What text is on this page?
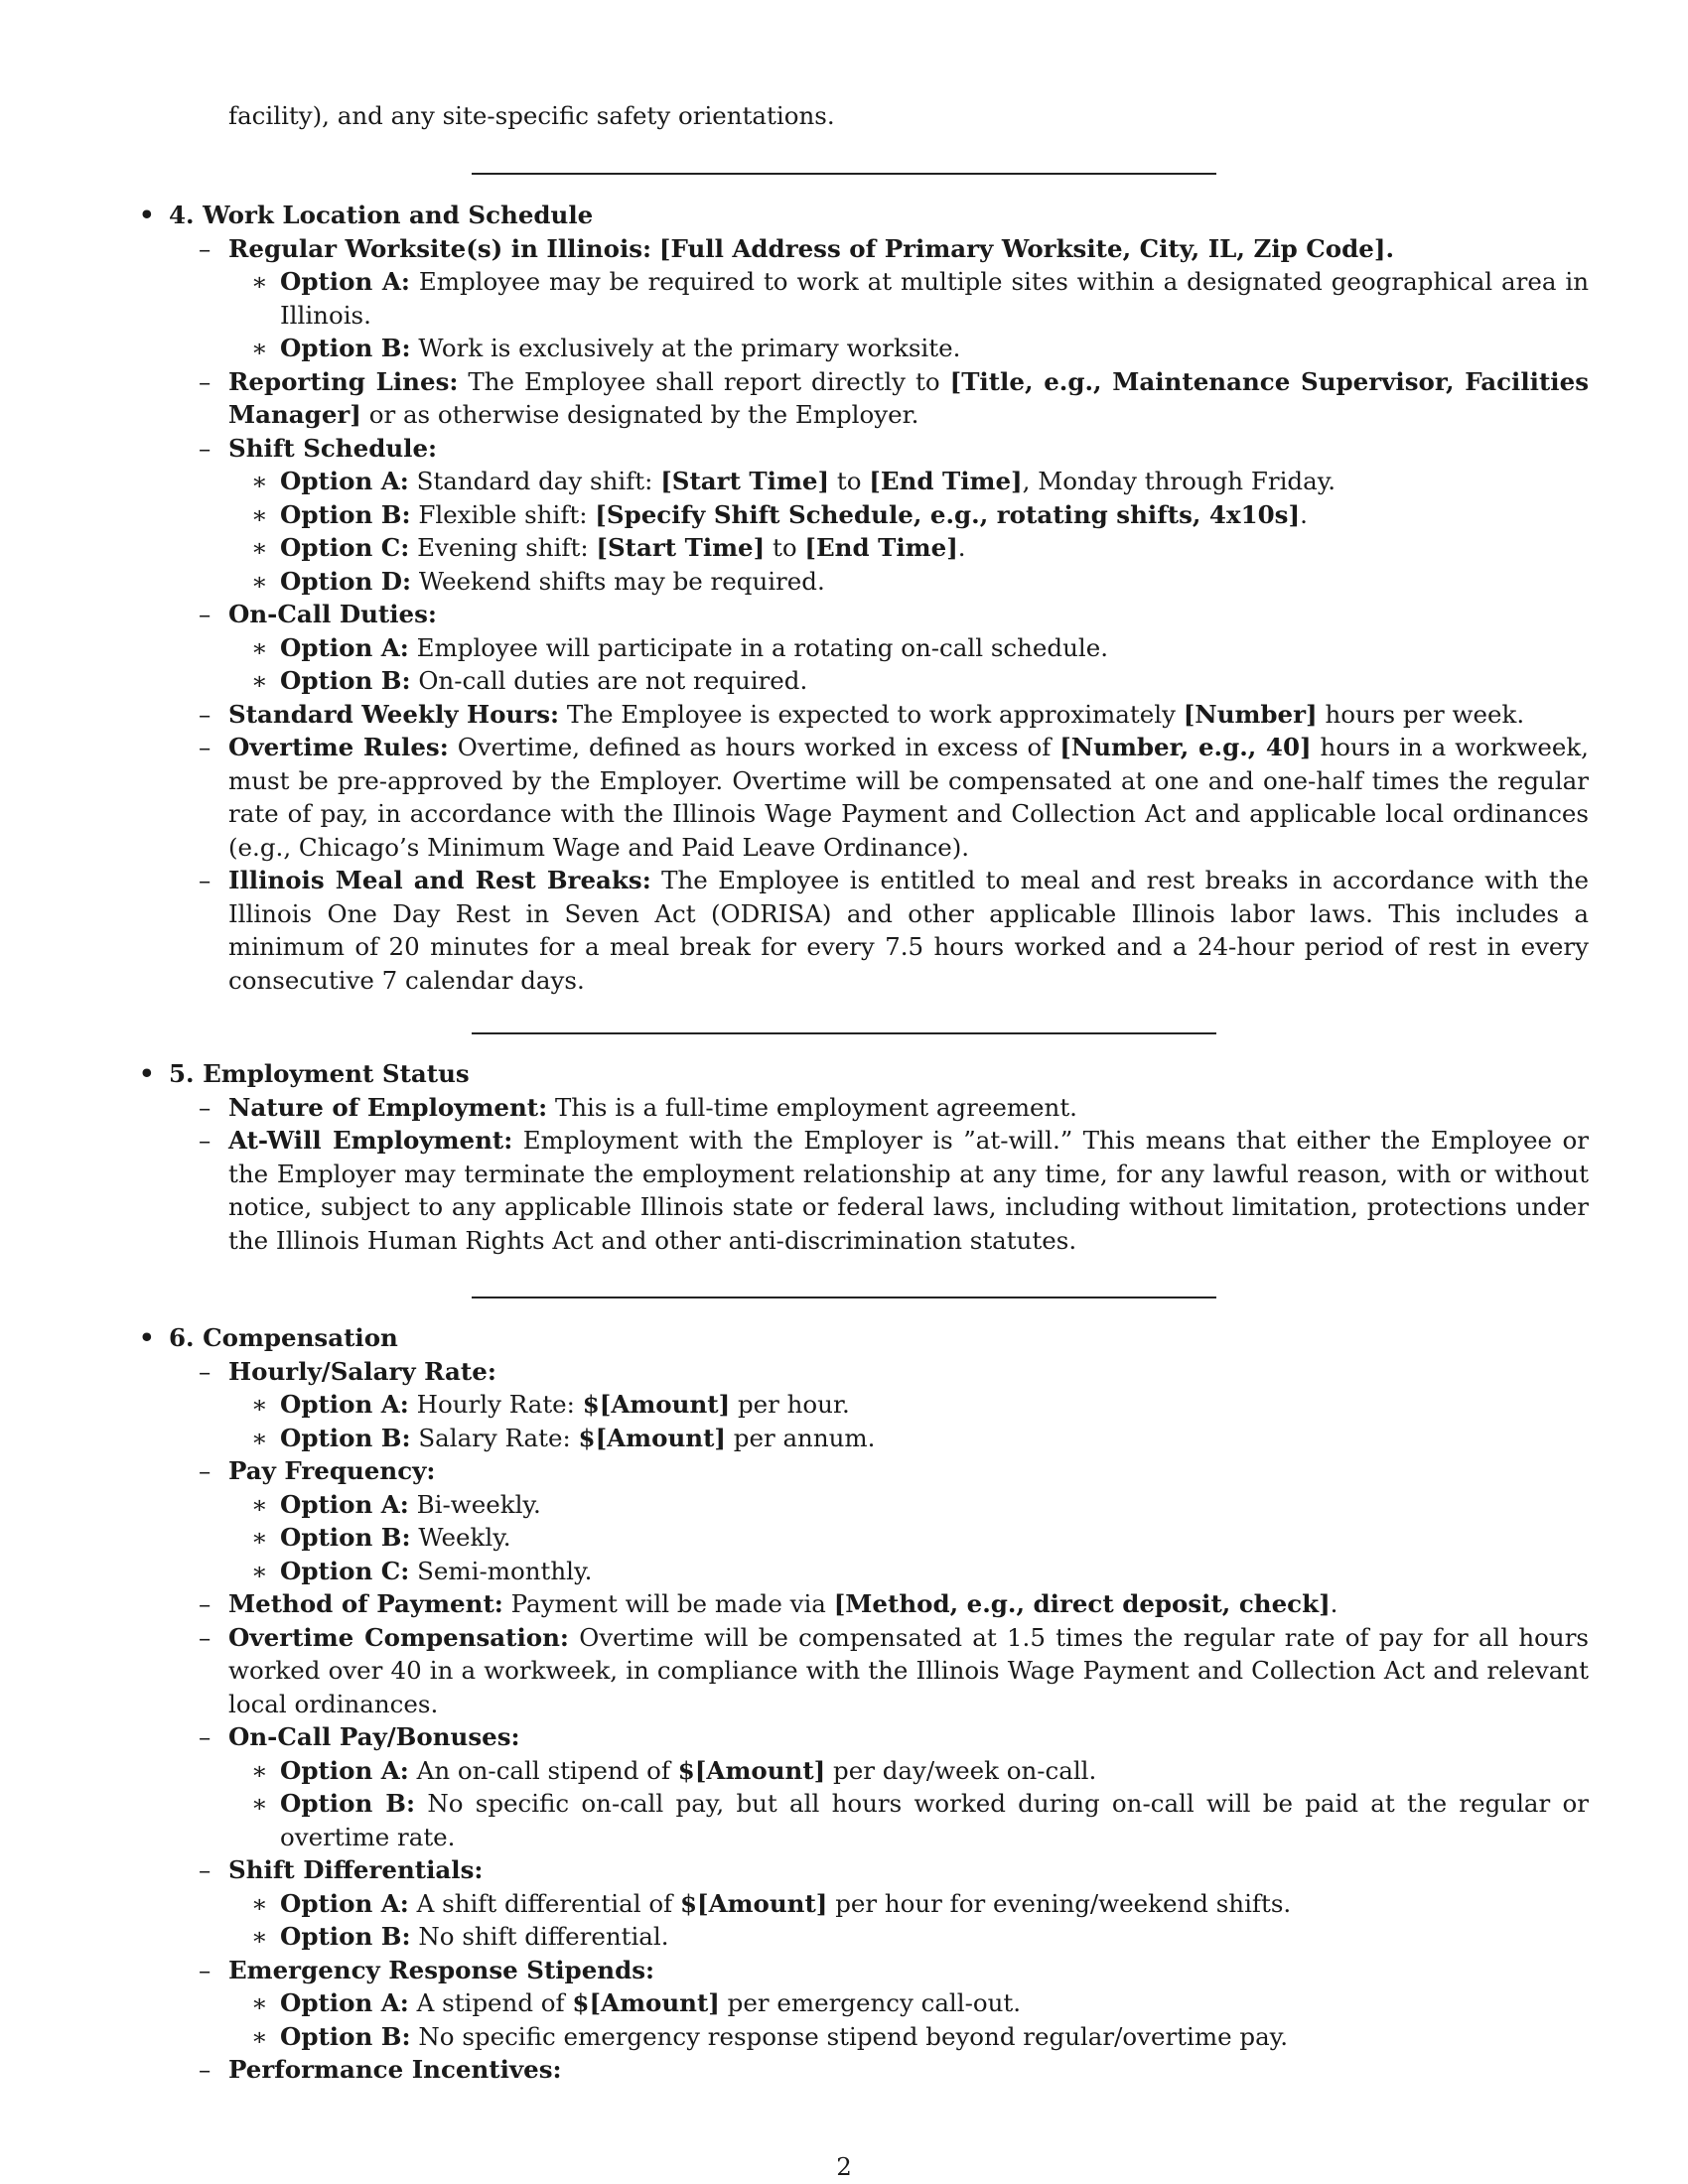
facility), and any site-specific safety orientations.

• 4. Work Location and Schedule
– Regular Worksite(s) in Illinois: [Full Address of Primary Worksite, City, IL, Zip Code].
∗ Option A: Employee may be required to work at multiple sites within a designated geographical area in Illinois.
∗ Option B: Work is exclusively at the primary worksite.
– Reporting Lines: The Employee shall report directly to [Title, e.g., Maintenance Supervisor, Facilities Manager] or as otherwise designated by the Employer.
– Shift Schedule:
∗ Option A: Standard day shift: [Start Time] to [End Time], Monday through Friday.
∗ Option B: Flexible shift: [Specify Shift Schedule, e.g., rotating shifts, 4x10s].
∗ Option C: Evening shift: [Start Time] to [End Time].
∗ Option D: Weekend shifts may be required.
– On-Call Duties:
∗ Option A: Employee will participate in a rotating on-call schedule.
∗ Option B: On-call duties are not required.
– Standard Weekly Hours: The Employee is expected to work approximately [Number] hours per week.
– Overtime Rules: Overtime, defined as hours worked in excess of [Number, e.g., 40] hours in a workweek, must be pre-approved by the Employer. Overtime will be compensated at one and one-half times the regular rate of pay, in accordance with the Illinois Wage Payment and Collection Act and applicable local ordinances (e.g., Chicago’s Minimum Wage and Paid Leave Ordinance).
– Illinois Meal and Rest Breaks: The Employee is entitled to meal and rest breaks in accordance with the Illinois One Day Rest in Seven Act (ODRISA) and other applicable Illinois labor laws. This includes a minimum of 20 minutes for a meal break for every 7.5 hours worked and a 24-hour period of rest in every consecutive 7 calendar days.
• 5. Employment Status
– Nature of Employment: This is a full-time employment agreement.
– At-Will Employment: Employment with the Employer is ”at-will.” This means that either the Employee or the Employer may terminate the employment relationship at any time, for any lawful reason, with or without notice, subject to any applicable Illinois state or federal laws, including without limitation, protections under the Illinois Human Rights Act and other anti-discrimination statutes.
• 6. Compensation
– Hourly/Salary Rate:
∗ Option A: Hourly Rate: $[Amount] per hour.
∗ Option B: Salary Rate: $[Amount] per annum.
– Pay Frequency:
∗ Option A: Bi-weekly.
∗ Option B: Weekly.
∗ Option C: Semi-monthly.
– Method of Payment: Payment will be made via [Method, e.g., direct deposit, check].
– Overtime Compensation: Overtime will be compensated at 1.5 times the regular rate of pay for all hours worked over 40 in a workweek, in compliance with the Illinois Wage Payment and Collection Act and relevant local ordinances.
– On-Call Pay/Bonuses:
∗ Option A: An on-call stipend of $[Amount] per day/week on-call.
∗ Option B: No specific on-call pay, but all hours worked during on-call will be paid at the regular or overtime rate.
– Shift Differentials:
∗ Option A: A shift differential of $[Amount] per hour for evening/weekend shifts.
∗ Option B: No shift differential.
– Emergency Response Stipends:
∗ Option A: A stipend of $[Amount] per emergency call-out.
∗ Option B: No specific emergency response stipend beyond regular/overtime pay.
– Performance Incentives:
2
